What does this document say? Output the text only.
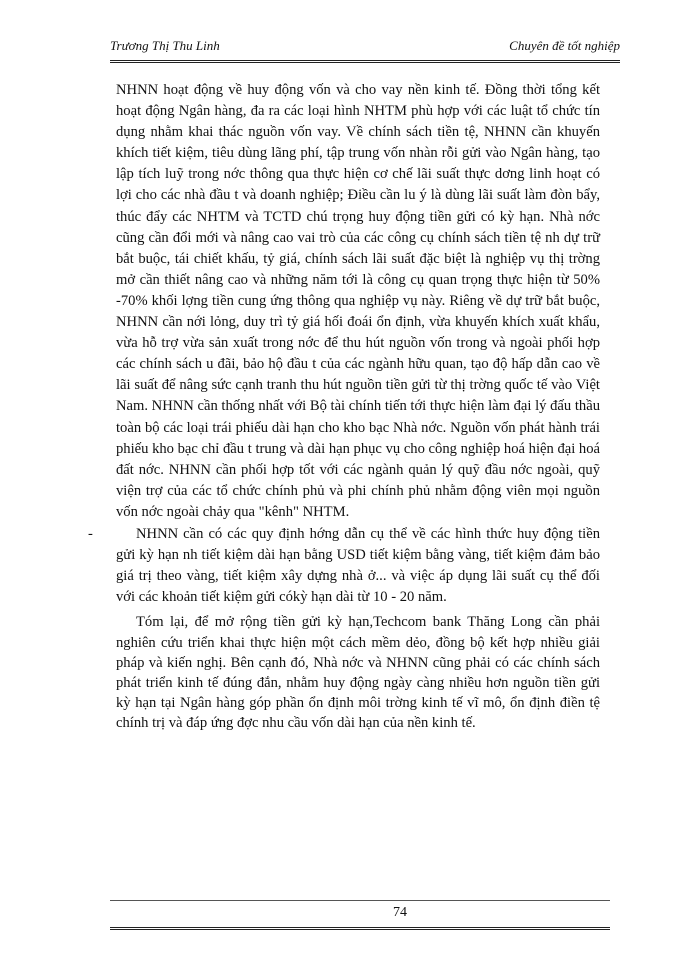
Trương Thị Thu Linh	Chuyên đề tốt nghiệp

NHNN hoạt động về huy động vốn và cho vay nền kinh tế. Đồng thời tổng kết hoạt động Ngân hàng, đa ra các loại hình NHTM phù hợp với các luật tổ chức tín dụng nhằm khai thác nguồn vốn vay. Về chính sách tiền tệ, NHNN cần khuyến khích tiết kiệm, tiêu dùng lãng phí, tập trung vốn nhàn rỗi gửi vào Ngân hàng, tạo lập tích luỹ trong nớc thông qua thực hiện cơ chế lãi suất thực dơng linh hoạt có lợi cho các nhà đầu t và doanh nghiệp; Điều cần lu ý là dùng lãi suất làm đòn bẩy, thúc đẩy các NHTM và TCTD chú trọng huy động tiền gửi có kỳ hạn. Nhà nớc cũng cần đổi mới và nâng cao vai trò của các công cụ chính sách tiền tệ nh dự trữ bắt buộc, tái chiết khấu, tỷ giá, chính sách lãi suất đặc biệt là nghiệp vụ thị trờng mở cần thiết nâng cao và những năm tới là công cụ quan trọng thực hiện từ 50% -70% khối lợng tiền cung ứng thông qua nghiệp vụ này. Riêng về dự trữ bắt buộc, NHNN cần nới lỏng, duy trì tỷ giá hối đoái ổn định, vừa khuyến khích xuất khẩu, vừa hỗ trợ vừa sản xuất trong nớc để thu hút nguồn vốn trong và ngoài phối hợp các chính sách u đãi, bảo hộ đầu t của các ngành hữu quan, tạo độ hấp dẫn cao về lãi suất để nâng sức cạnh tranh thu hút nguồn tiền gửi từ thị trờng quốc tế vào Việt Nam. NHNN cần thống nhất với Bộ tài chính tiến tới thực hiện làm đại lý đấu thầu toàn bộ các loại trái phiếu dài hạn cho kho bạc Nhà nớc. Nguồn vốn phát hành trái phiếu kho bạc chỉ đầu t trung và dài hạn phục vụ cho công nghiệp hoá hiện đại hoá đất nớc. NHNN cần phối hợp tốt với các ngành quản lý quỹ đầu nớc ngoài, quỹ viện trợ của các tổ chức chính phủ và phi chính phủ nhằm động viên mọi nguồn vốn nớc ngoài chảy qua "kênh" NHTM.

-	NHNN cần có các quy định hớng dẫn cụ thể về các hình thức huy động tiền gửi kỳ hạn nh tiết kiệm dài hạn bằng USD tiết kiệm bằng vàng, tiết kiệm đảm bảo giá trị theo vàng, tiết kiệm xây dựng nhà ở... và việc áp dụng lãi suất cụ thể đối với các khoản tiết kiệm gửi cókỳ hạn dài từ 10 - 20 năm.

Tóm lại, để mở rộng tiền gửi kỳ hạn,Techcom bank Thăng Long cần phải nghiên cứu triển khai thực hiện một cách mềm dẻo, đồng bộ kết hợp nhiều giải pháp và kiến nghị. Bên cạnh đó, Nhà nớc và NHNN cũng phải có các chính sách phát triển kinh tế đúng đắn, nhằm huy động ngày càng nhiều hơn nguồn tiền gửi kỳ hạn tại Ngân hàng góp phần ổn định môi trờng kinh tế vĩ mô, ổn định điền tệ chính trị và đáp ứng đợc nhu cầu vốn dài hạn của nền kinh tế.

74
